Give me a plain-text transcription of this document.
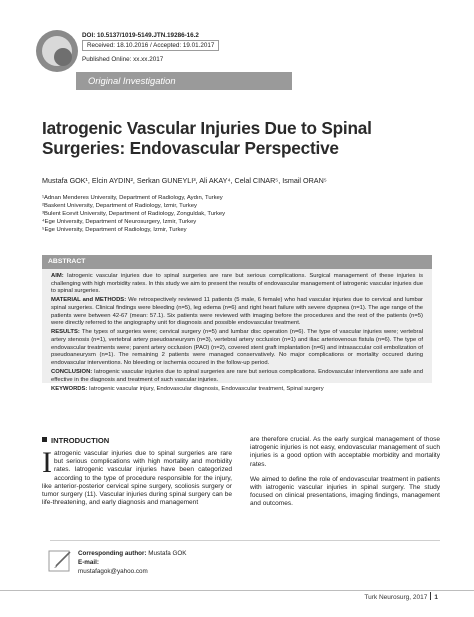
DOI: 10.5137/1019-5149.JTN.19286-16.2
Received: 18.10.2016 / Accepted: 19.01.2017
Published Online: xx.xx.2017
Original Investigation
Iatrogenic Vascular Injuries Due to Spinal Surgeries: Endovascular Perspective
Mustafa GOK¹, Elcin AYDIN², Serkan GUNEYLI³, Ali AKAY⁴, Celal CINAR⁵, Ismail ORAN⁵
¹Adnan Menderes University, Department of Radiology, Aydın, Turkey
²Baskent University, Department of Radiology, Izmir, Turkey
³Bulent Ecevit University, Department of Radiology, Zonguldak, Turkey
⁴Ege University, Department of Neurosurgery, Izmir, Turkey
⁵Ege University, Department of Radiology, Izmir, Turkey
ABSTRACT

AIM: Iatrogenic vascular injuries due to spinal surgeries are rare but serious complications. Surgical management of these injuries is challenging with high morbidity rates. In this study we aim to present the results of endovascular management of iatrogenic vascular injuries due to spinal surgeries.

MATERIAL and METHODS: We retrospectively reviewed 11 patients (5 male, 6 female) who had vascular injuries due to cervical and lumbar spinal surgeries. Clinical findings were bleeding (n=5), leg edema (n=6) and right heart failure with severe dyspnea (n=1). The age range of the patients were between 42-67 (mean: 57.1). Six patients were reviewed with imaging before the procedures and the rest of the patients (n=5) were directly referred to the angiography unit for diagnosis and possible endovascular treatment.

RESULTS: The types of surgeries were; cervical surgery (n=5) and lumbar disc operation (n=6). The type of vascular injuries were; vertebral artery stenosis (n=1), vertebral artery pseudoaneurysm (n=3), vertebral artery occlusion (n=1) and iliac arteriovenous fistula (n=6). The type of endovascular treatments were; parent artery occlusion (PAO) (n=2), covered stent graft implantation (n=6) and intrasaccular coil embolization of pseudoaneurysm (n=1). The remaining 2 patients were managed conservatively. No major complications or mortality occured during endovascular interventions. No bleeding or ischemia occured in the follow-up period.

CONCLUSION: Iatrogenic vascular injuries due to spinal surgeries are rare but serious complications. Endovascular interventions are safe and effective in the diagnosis and treatment of such vascular injuries.

KEYWORDS: Iatrogenic vascular injury, Endovascular diagnosis, Endovascular treatment, Spinal surgery

INTRODUCTION
Iatrogenic vascular injuries due to spinal surgeries are rare but serious complications with high mortality and morbidity rates. Iatrogenic vascular injuries have been categorized according to the type of procedure responsible for the injury, like anterior-posterior cervical spine surgery, scoliosis surgery or tumor surgery (11). Vascular injuries during spinal surgery can be life-threatening, and early diagnosis and management

are therefore crucial. As the early surgical management of those iatrogenic injuries is not easy, endovascular management of such injuries is a good option with acceptable morbidity and mortality rates.

We aimed to define the role of endovascular treatment in patients with iatrogenic vascular injuries in spinal surgery. The study focused on clinical presentations, imaging findings, management and outcomes.

Corresponding author: Mustafa GOK
E-mail:
mustafagok@yahoo.com
Turk Neurosurg, 2017 1
